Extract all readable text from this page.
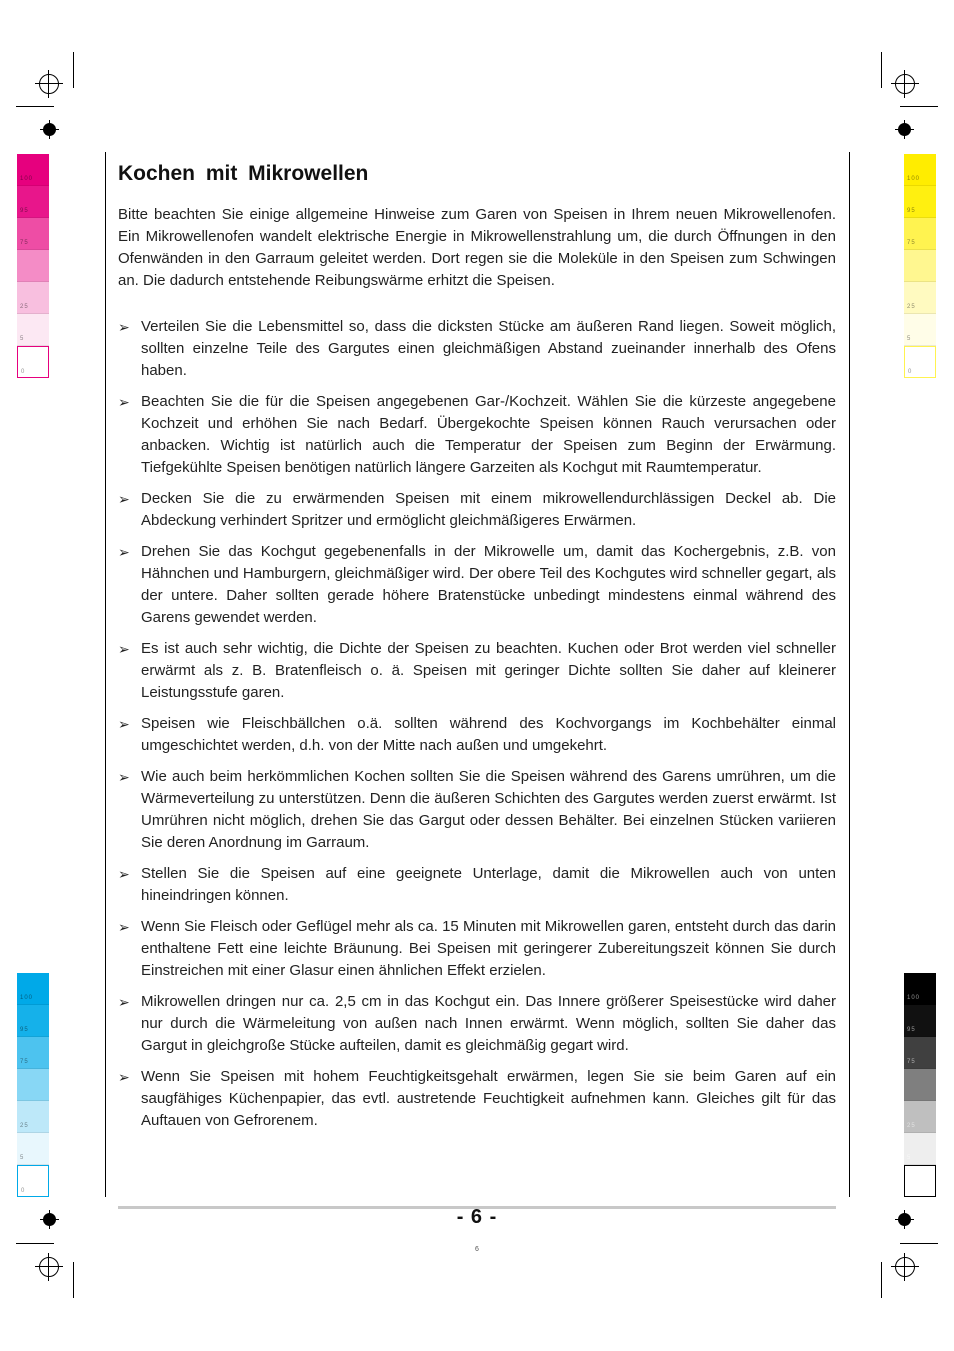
100
95
75
25
5
0
100
95
75
25
5
0
100
95
75
25
5
0
100
95
75
25
5
0
Kochen mit Mikrowellen

Bitte beachten Sie einige allgemeine Hinweise zum Garen von Speisen in Ihrem neuen Mikrowellenofen. Ein Mikrowellenofen wandelt elektrische Energie in Mikrowellenstrahlung um, die durch Öffnungen in den Ofenwänden in den Garraum geleitet werden. Dort regen sie die Moleküle in den Speisen zum Schwingen an. Die dadurch entstehende Reibungswärme erhitzt die Speisen.

➢ Verteilen Sie die Lebensmittel so, dass die dicksten Stücke am äußeren Rand liegen. Soweit möglich, sollten einzelne Teile des Gargutes einen gleichmäßigen Abstand zueinander innerhalb des Ofens haben.
➢ Beachten Sie die für die Speisen angegebenen Gar-/Kochzeit. Wählen Sie die kürzeste angegebene Kochzeit und erhöhen Sie nach Bedarf. Übergekochte Speisen können Rauch verursachen oder anbacken. Wichtig ist natürlich auch die Temperatur der Speisen zum Beginn der Erwärmung. Tiefgekühlte Speisen benötigen natürlich längere Garzeiten als Kochgut mit Raumtemperatur.
➢ Decken Sie die zu erwärmenden Speisen mit einem mikrowellendurchlässigen Deckel ab. Die Abdeckung verhindert Spritzer und ermöglicht gleichmäßigeres Erwärmen.
➢ Drehen Sie das Kochgut gegebenenfalls in der Mikrowelle um, damit das Kochergebnis, z.B. von Hähnchen und Hamburgern, gleichmäßiger wird. Der obere Teil des Kochgutes wird schneller gegart, als der untere. Daher sollten gerade höhere Bratenstücke unbedingt mindestens einmal während des Garens gewendet werden.
➢ Es ist auch sehr wichtig, die Dichte der Speisen zu beachten. Kuchen oder Brot werden viel schneller erwärmt als z. B. Bratenfleisch o. ä. Speisen mit geringer Dichte sollten Sie daher auf kleinerer Leistungsstufe garen.
➢ Speisen wie Fleischbällchen o.ä. sollten während des Kochvorgangs im Kochbehälter einmal umgeschichtet werden, d.h. von der Mitte nach außen und umgekehrt.
➢ Wie auch beim herkömmlichen Kochen sollten Sie die Speisen während des Garens umrühren, um die Wärmeverteilung zu unterstützen. Denn die äußeren Schichten des Gargutes werden zuerst erwärmt. Ist Umrühren nicht möglich, drehen Sie das Gargut oder dessen Behälter. Bei einzelnen Stücken variieren Sie deren Anordnung im Garraum.
➢ Stellen Sie die Speisen auf eine geeignete Unterlage, damit die Mikrowellen auch von unten hineindringen können.
➢ Wenn Sie Fleisch oder Geflügel mehr als ca. 15 Minuten mit Mikrowellen garen, entsteht durch das darin enthaltene Fett eine leichte Bräunung. Bei Speisen mit geringerer Zubereitungszeit können Sie durch Einstreichen mit einer Glasur einen ähnlichen Effekt erzielen.
➢ Mikrowellen dringen nur ca. 2,5 cm in das Kochgut ein. Das Innere größerer Speisestücke wird daher nur durch die Wärmeleitung von außen nach Innen erwärmt. Wenn möglich, sollten Sie daher das Gargut in gleichgroße Stücke aufteilen, damit es gleichmäßig gegart wird.
➢ Wenn Sie Speisen mit hohem Feuchtigkeitsgehalt erwärmen, legen Sie sie beim Garen auf ein saugfähiges Küchenpapier, das evtl. austretende Feuchtigkeit aufnehmen kann. Gleiches gilt für das Auftauen von Gefrorenem.
- 6 -
6
